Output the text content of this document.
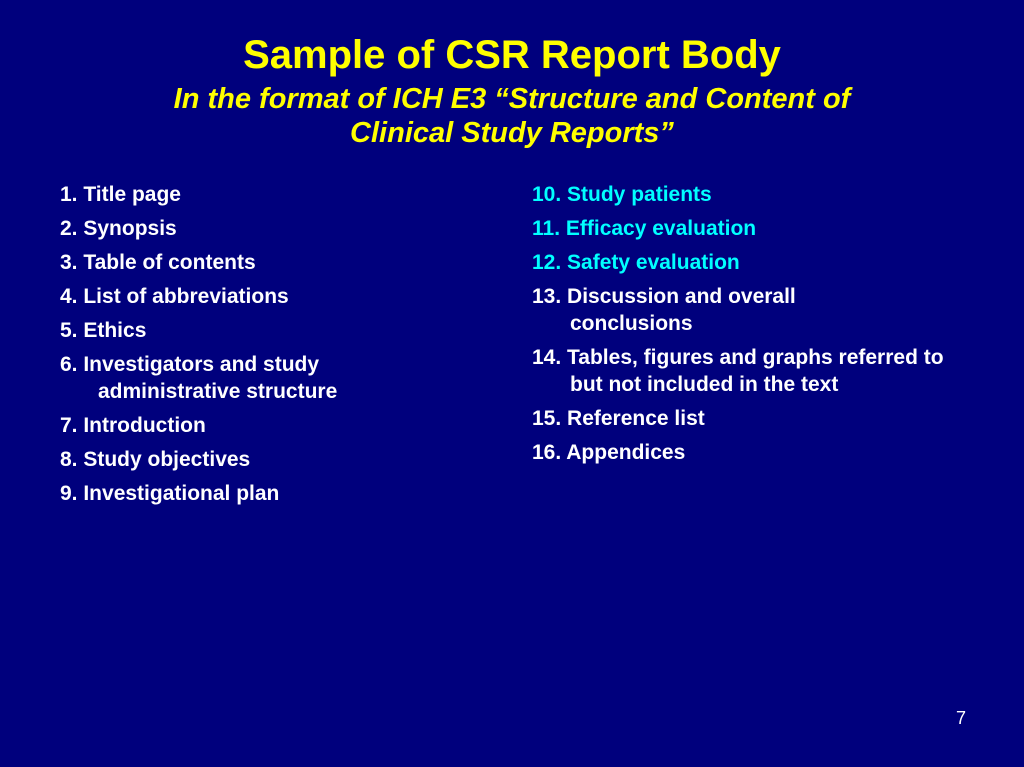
Sample of CSR Report Body
In the format of ICH E3 “Structure and Content of
Clinical Study Reports”
1. Title page
2. Synopsis
3. Table of contents
4. List of abbreviations
5. Ethics
6. Investigators and study administrative structure
7. Introduction
8. Study objectives
9. Investigational plan
10. Study patients
11. Efficacy evaluation
12. Safety evaluation
13. Discussion and overall conclusions
14. Tables, figures and graphs referred to but not included in the text
15. Reference list
16. Appendices
7
